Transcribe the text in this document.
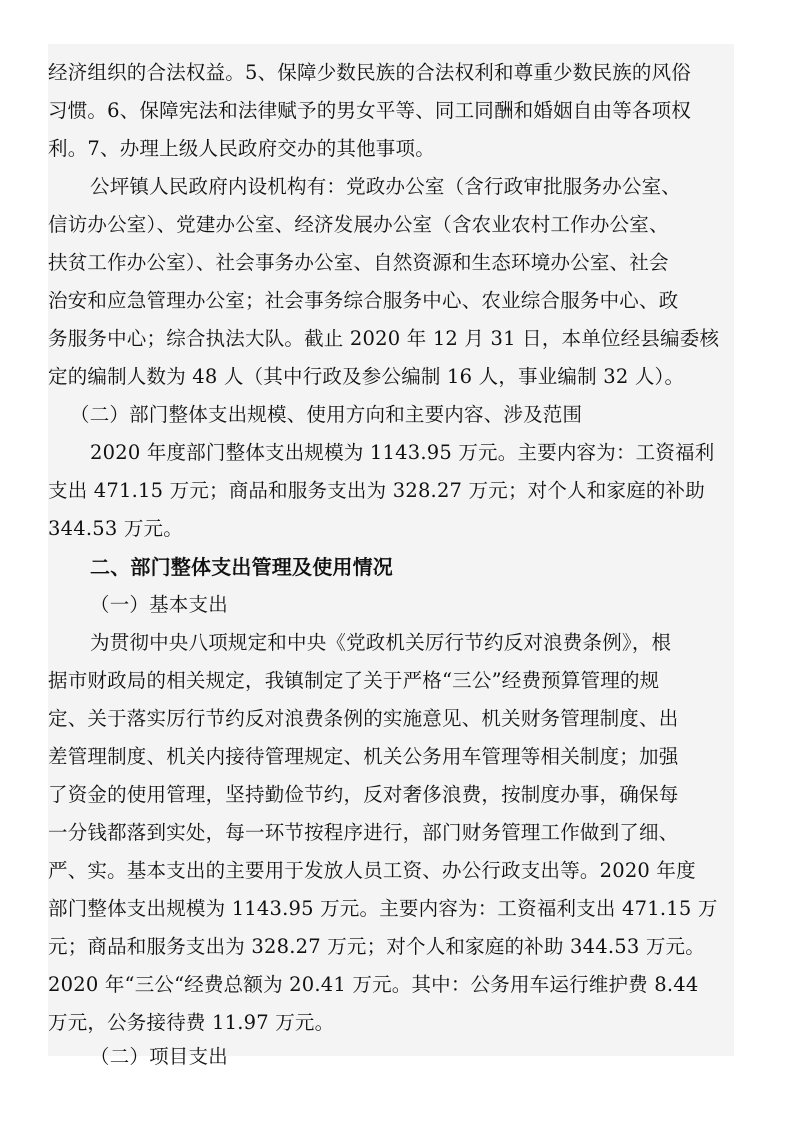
经济组织的合法权益。5、保障少数民族的合法权利和尊重少数民族的风俗
习惯。6、保障宪法和法律赋予的男女平等、同工同酬和婚姻自由等各项权
利。7、办理上级人民政府交办的其他事项。
公坪镇人民政府内设机构有：党政办公室（含行政审批服务办公室、
信访办公室）、党建办公室、经济发展办公室（含农业农村工作办公室、
扶贫工作办公室）、社会事务办公室、自然资源和生态环境办公室、社会
治安和应急管理办公室；社会事务综合服务中心、农业综合服务中心、政
务服务中心；综合执法大队。截止 2020 年 12 月 31 日，本单位经县编委核
定的编制人数为 48 人（其中行政及参公编制 16 人，事业编制 32 人）。
（二）部门整体支出规模、使用方向和主要内容、涉及范围
2020 年度部门整体支出规模为 1143.95 万元。主要内容为：工资福利
支出 471.15 万元；商品和服务支出为 328.27 万元；对个人和家庭的补助
344.53 万元。
二、部门整体支出管理及使用情况
（一）基本支出
为贯彻中央八项规定和中央《党政机关厉行节约反对浪费条例》，根
据市财政局的相关规定，我镇制定了关于严格“三公”经费预算管理的规
定、关于落实厉行节约反对浪费条例的实施意见、机关财务管理制度、出
差管理制度、机关内接待管理规定、机关公务用车管理等相关制度；加强
了资金的使用管理，坚持勤俭节约，反对奢侈浪费，按制度办事，确保每
一分钱都落到实处，每一环节按程序进行，部门财务管理工作做到了细、
严、实。基本支出的主要用于发放人员工资、办公行政支出等。2020 年度
部门整体支出规模为 1143.95 万元。主要内容为：工资福利支出 471.15 万
元；商品和服务支出为 328.27 万元；对个人和家庭的补助 344.53 万元。
2020 年“三公“经费总额为 20.41 万元。其中：公务用车运行维护费 8.44
万元，公务接待费 11.97 万元。
（二）项目支出
